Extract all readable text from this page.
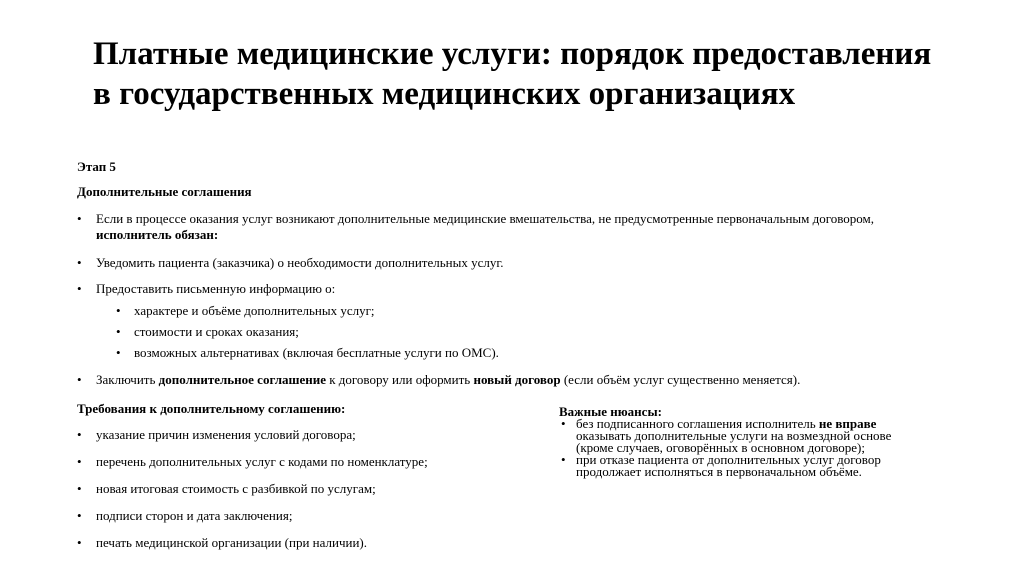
Платные медицинские услуги: порядок предоставления в государственных медицинских организациях
Этап 5
Дополнительные соглашения
• Если в процессе оказания услуг возникают дополнительные медицинские вмешательства, не предусмотренные первоначальным договором, исполнитель обязан:
• Уведомить пациента (заказчика) о необходимости дополнительных услуг.
• Предоставить письменную информацию о:
• характере и объёме дополнительных услуг;
• стоимости и сроках оказания;
• возможных альтернативах (включая бесплатные услуги по ОМС).
• Заключить дополнительное соглашение к договору или оформить новый договор (если объём услуг существенно меняется).
Требования к дополнительному соглашению:
• указание причин изменения условий договора;
• перечень дополнительных услуг с кодами по номенклатуре;
• новая итоговая стоимость с разбивкой по услугам;
• подписи сторон и дата заключения;
• печать медицинской организации (при наличии).
Важные нюансы:
• без подписанного соглашения исполнитель не вправе оказывать дополнительные услуги на возмездной основе (кроме случаев, оговорённых в основном договоре);
• при отказе пациента от дополнительных услуг договор продолжает исполняться в первоначальном объёме.
